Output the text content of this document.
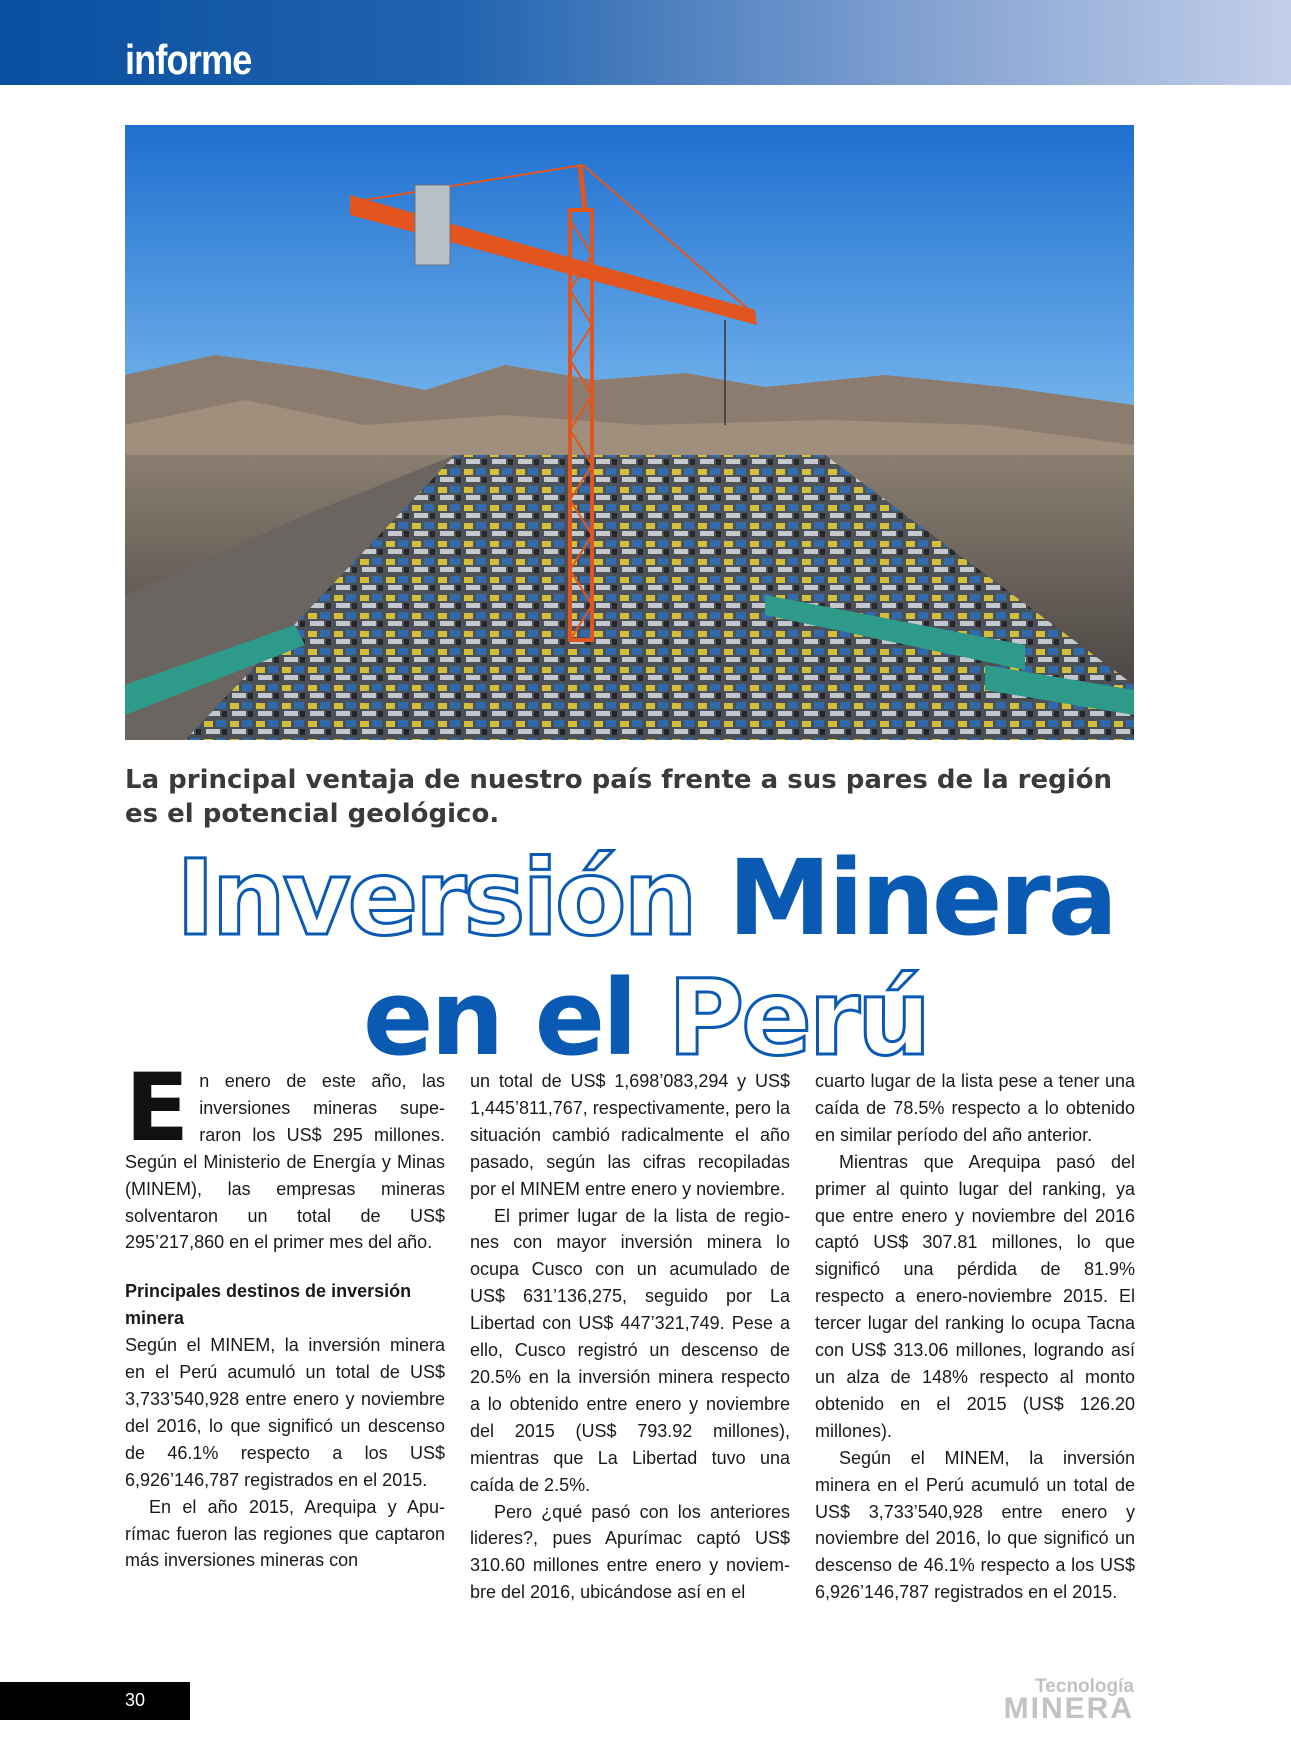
informe
La principal ventaja de nuestro país frente a sus pares de la región es el potencial geológico.
Inversión Minera
en el Perú

En enero de este año, las inversiones mineras superaron los US$ 295 millones. Según el Ministerio de Energía y Minas (MINEM), las empresas mineras solventaron un total de US$ 295’217,860 en el primer mes del año.

Principales destinos de inversión minera

Según el MINEM, la inversión minera en el Perú acumuló un total de US$ 3,733’540,928 entre enero y noviembre del 2016, lo que significó un descenso de 46.1% respecto a los US$ 6,926’146,787 registrados en el 2015.

En el año 2015, Arequipa y Apurímac fueron las regiones que captaron más inversiones mineras con

un total de US$ 1,698’083,294 y US$ 1,445’811,767, respectivamente, pero la situación cambió radicalmente el año pasado, según las cifras recopiladas por el MINEM entre enero y noviembre.

El primer lugar de la lista de regiones con mayor inversión minera lo ocupa Cusco con un acumulado de US$ 631’136,275, seguido por La Libertad con US$ 447’321,749. Pese a ello, Cusco registró un descenso de 20.5% en la inversión minera respecto a lo obtenido entre enero y noviembre del 2015 (US$ 793.92 millones), mientras que La Libertad tuvo una caída de 2.5%.

Pero ¿qué pasó con los anteriores lideres?, pues Apurímac captó US$ 310.60 millones entre enero y noviembre del 2016, ubicándose así en el

cuarto lugar de la lista pese a tener una caída de 78.5% respecto a lo obtenido en similar período del año anterior.

Mientras que Arequipa pasó del primer al quinto lugar del ranking, ya que entre enero y noviembre del 2016 captó US$ 307.81 millones, lo que significó una pérdida de 81.9% respecto a enero-noviembre 2015. El tercer lugar del ranking lo ocupa Tacna con US$ 313.06 millones, logrando así un alza de 148% respecto al monto obtenido en el 2015 (US$ 126.20 millones).

Según el MINEM, la inversión minera en el Perú acumuló un total de US$ 3,733’540,928 entre enero y noviembre del 2016, lo que significó un descenso de 46.1% respecto a los US$ 6,926’146,787 registrados en el 2015.

30
Tecnología
MINERA
